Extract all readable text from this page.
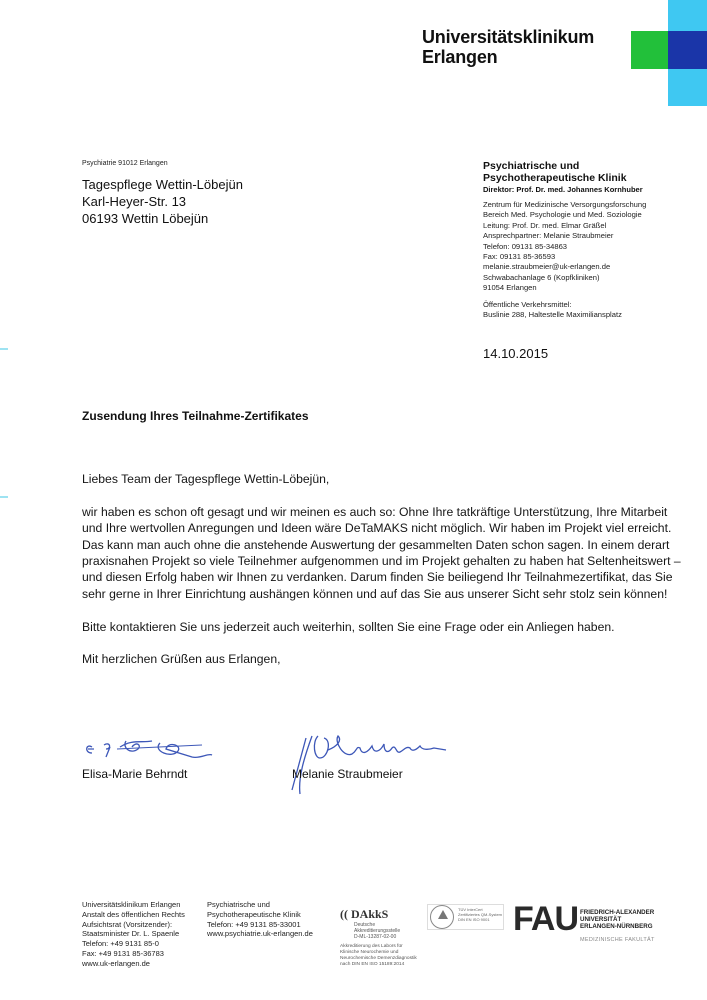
Universitätsklinikum
Erlangen
Psychiatrie 91012 Erlangen
Tagespflege Wettin-Löbejün
Karl-Heyer-Str. 13
06193 Wettin Löbejün
Psychiatrische und
Psychotherapeutische Klinik
Direktor: Prof. Dr. med. Johannes Kornhuber
Zentrum für Medizinische Versorgungsforschung
Bereich Med. Psychologie und Med. Soziologie
Leitung: Prof. Dr. med. Elmar Gräßel
Ansprechpartner: Melanie Straubmeier
Telefon: 09131 85-34863
Fax: 09131 85-36593
melanie.straubmeier@uk-erlangen.de
Schwabachanlage 6 (Kopfkliniken)
91054 Erlangen
Öffentliche Verkehrsmittel:
Buslinie 288, Haltestelle Maximiliansplatz
14.10.2015
Zusendung Ihres Teilnahme-Zertifikates

Liebes Team der Tagespflege Wettin-Löbejün,

wir haben es schon oft gesagt und wir meinen es auch so: Ohne Ihre tatkräftige Unterstützung, Ihre Mitarbeit und Ihre wertvollen Anregungen und Ideen wäre DeTaMAKS nicht möglich. Wir haben im Projekt viel erreicht. Das kann man auch ohne die anstehende Auswertung der gesammelten Daten schon sagen. In einem derart praxisnahen Projekt so viele Teilnehmer aufgenommen und im Projekt gehalten zu haben hat Seltenheitswert – und diesen Erfolg haben wir Ihnen zu verdanken. Darum finden Sie beiliegend Ihr Teilnahmezertifikat, das Sie sehr gerne in Ihrer Einrichtung aushängen können und auf das Sie aus unserer Sicht sehr stolz sein können!

Bitte kontaktieren Sie uns jederzeit auch weiterhin, sollten Sie eine Frage oder ein Anliegen haben.

Mit herzlichen Grüßen aus Erlangen,

Elisa-Marie Behrndt	Melanie Straubmeier
Universitätsklinikum Erlangen
Anstalt des öffentlichen Rechts
Aufsichtsrat (Vorsitzender):
Staatsminister Dr. L. Spaenle
Telefon: +49 9131 85-0
Fax: +49 9131 85-36783
www.uk-erlangen.de
Psychiatrische und
Psychotherapeutische Klinik
Telefon: +49 9131 85-33001
www.psychiatrie.uk-erlangen.de
(( DAkkS
Deutsche
Akkreditierungsstelle
D-ML-13287-02-00
Akkreditierung des Labors für
Klinische Neurochemie und
Neurochemische Demenzdiagnostik
nach DIN EN ISO 15189:2014
TÜV InterCert
Zertifiziertes QM-System
DIN EN ISO 9001 FAU FRIEDRICH-ALEXANDER
UNIVERSITÄT
ERLANGEN-NÜRNBERG
MEDIZINISCHE FAKULTÄT
